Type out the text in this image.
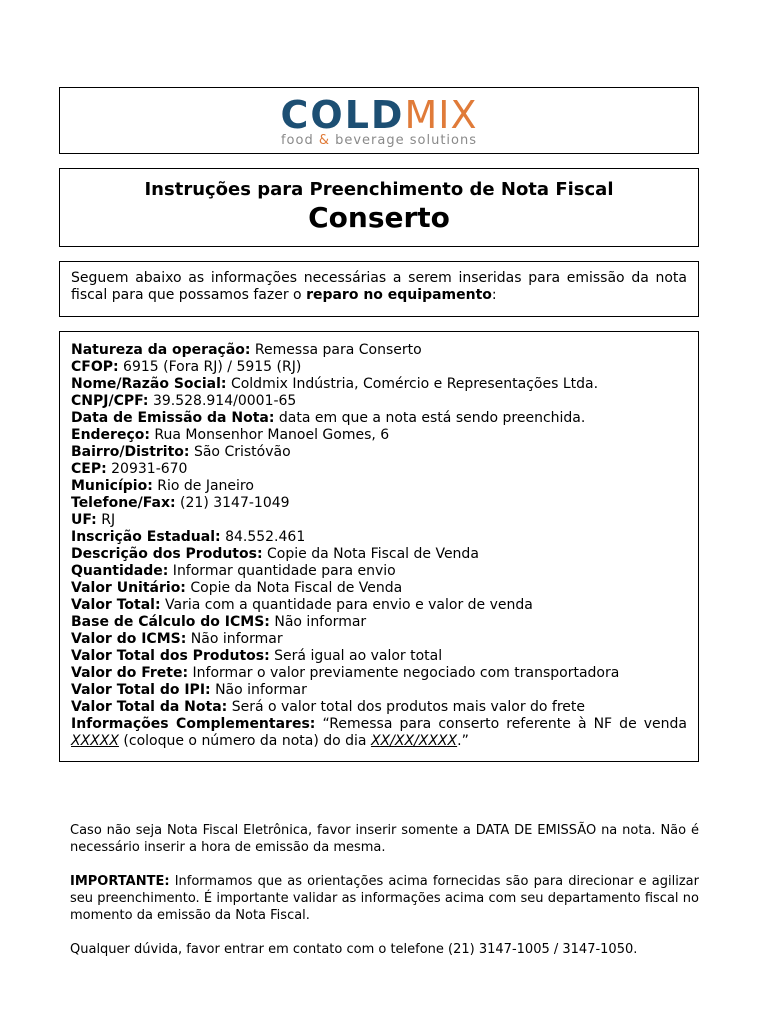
COLDMIX
food & beverage solutions
Instruções para Preenchimento de Nota Fiscal
Conserto
Seguem abaixo as informações necessárias a serem inseridas para emissão da nota fiscal para que possamos fazer o reparo no equipamento:
Natureza da operação: Remessa para Conserto
CFOP: 6915 (Fora RJ) / 5915 (RJ)
Nome/Razão Social: Coldmix Indústria, Comércio e Representações Ltda.
CNPJ/CPF: 39.528.914/0001-65
Data de Emissão da Nota: data em que a nota está sendo preenchida.
Endereço: Rua Monsenhor Manoel Gomes, 6
Bairro/Distrito: São Cristóvão
CEP: 20931-670
Município: Rio de Janeiro
Telefone/Fax: (21) 3147-1049
UF: RJ
Inscrição Estadual: 84.552.461
Descrição dos Produtos: Copie da Nota Fiscal de Venda
Quantidade: Informar quantidade para envio
Valor Unitário: Copie da Nota Fiscal de Venda
Valor Total: Varia com a quantidade para envio e valor de venda
Base de Cálculo do ICMS: Não informar
Valor do ICMS: Não informar
Valor Total dos Produtos: Será igual ao valor total
Valor do Frete: Informar o valor previamente negociado com transportadora
Valor Total do IPI: Não informar
Valor Total da Nota: Será o valor total dos produtos mais valor do frete
Informações Complementares: “Remessa para conserto referente à NF de venda XXXXX (coloque o número da nota) do dia XX/XX/XXXX.”
Caso não seja Nota Fiscal Eletrônica, favor inserir somente a DATA DE EMISSÃO na nota. Não é necessário inserir a hora de emissão da mesma.
IMPORTANTE: Informamos que as orientações acima fornecidas são para direcionar e agilizar seu preenchimento. É importante validar as informações acima com seu departamento fiscal no momento da emissão da Nota Fiscal.
Qualquer dúvida, favor entrar em contato com o telefone (21) 3147-1005 / 3147-1050.
